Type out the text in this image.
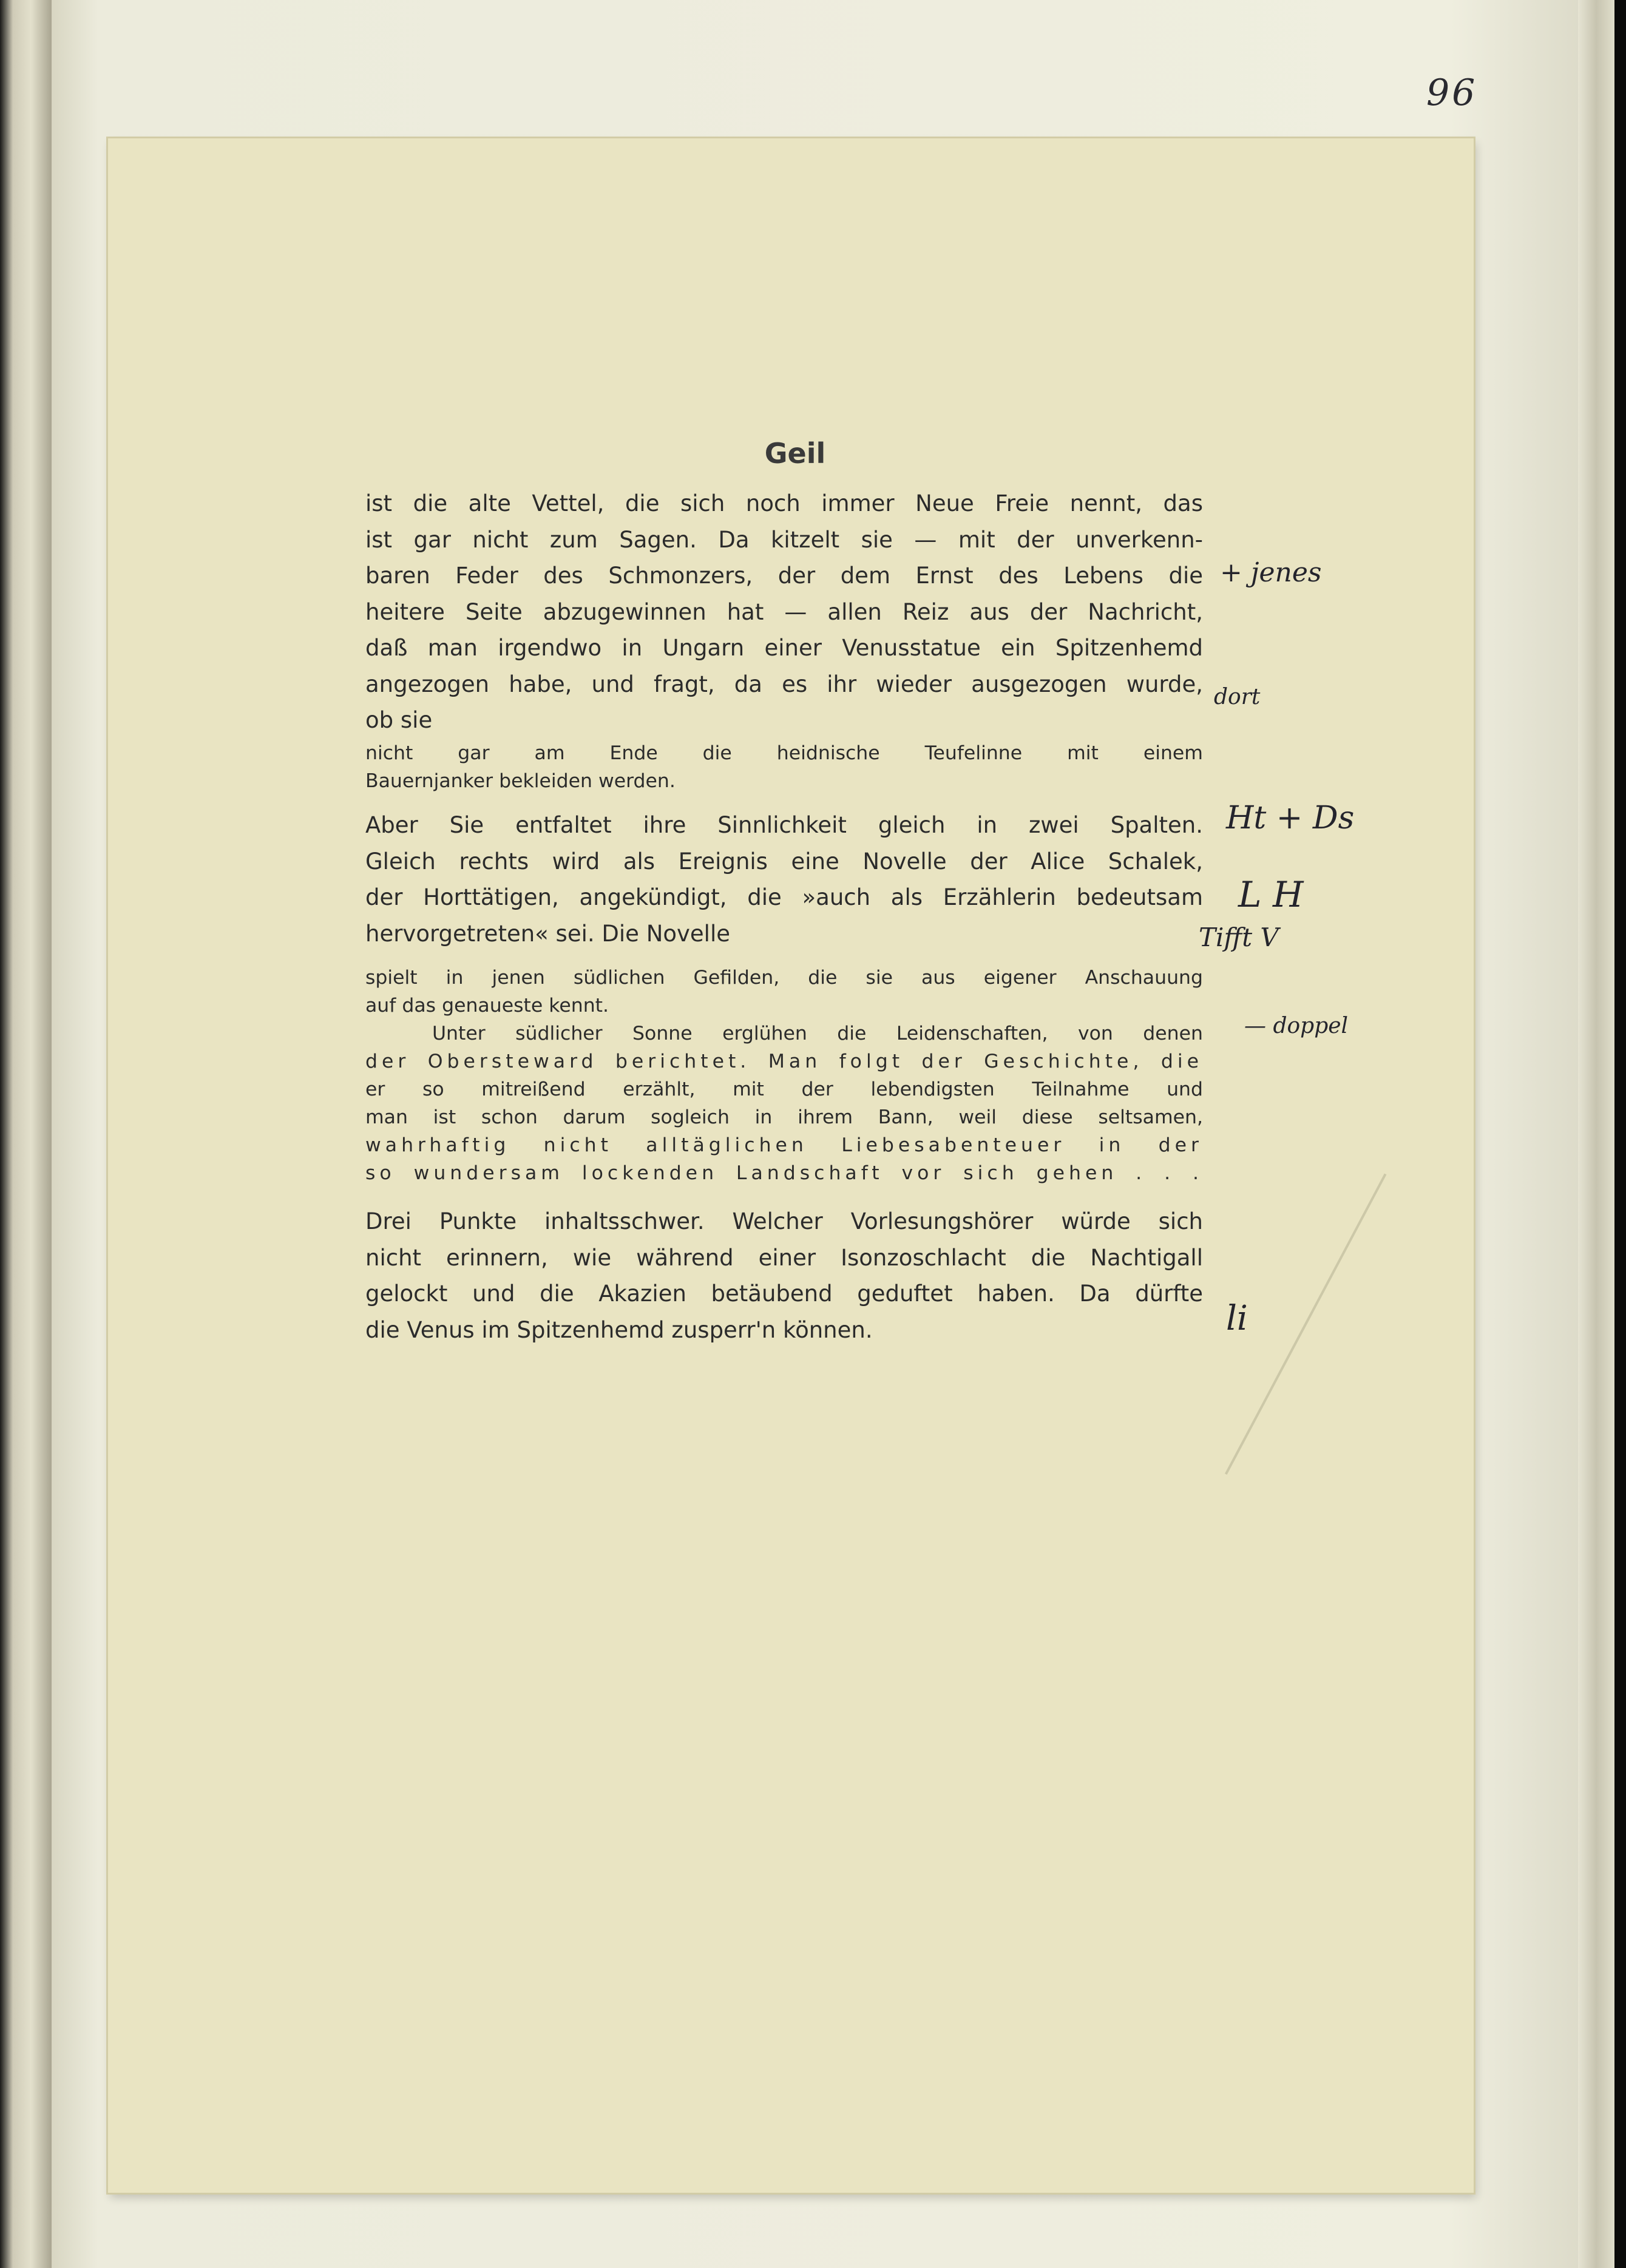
96
Geil
ist die alte Vettel, die sich noch immer Neue Freie nennt, das
ist gar nicht zum Sagen. Da kitzelt sie — mit der unverkenn-
baren Feder des Schmonzers, der dem Ernst des Lebens die
heitere Seite abzugewinnen hat — allen Reiz aus der Nachricht,
daß man irgendwo in Ungarn einer Venusstatue ein Spitzenhemd
angezogen habe, und fragt, da es ihr wieder ausgezogen wurde,
ob sie
nicht gar am Ende die heidnische Teufelinne mit einem
Bauernjanker bekleiden werden.
Aber Sie entfaltet ihre Sinnlichkeit gleich in zwei Spalten.
Gleich rechts wird als Ereignis eine Novelle der Alice Schalek,
der Horttätigen, angekündigt, die »auch als Erzählerin bedeutsam
hervorgetreten« sei. Die Novelle
spielt in jenen südlichen Gefilden, die sie aus eigener Anschauung
auf das genaueste kennt.
Unter südlicher Sonne erglühen die Leidenschaften, von denen
der Obersteward berichtet. Man folgt der Geschichte, die
er so mitreißend erzählt, mit der lebendigsten Teilnahme und
man ist schon darum sogleich in ihrem Bann, weil diese seltsamen,
wahrhaftig nicht alltäglichen Liebesabenteuer in der
so wundersam lockenden Landschaft vor sich gehen . . .
Drei Punkte inhaltsschwer. Welcher Vorlesungshörer würde sich
nicht erinnern, wie während einer Isonzoschlacht die Nachtigall
gelockt und die Akazien betäubend geduftet haben. Da dürfte
die Venus im Spitzenhemd zusperr'n können.
+ jenes
dort
Ht + Ds
L H
Tifft V
— doppel
li
